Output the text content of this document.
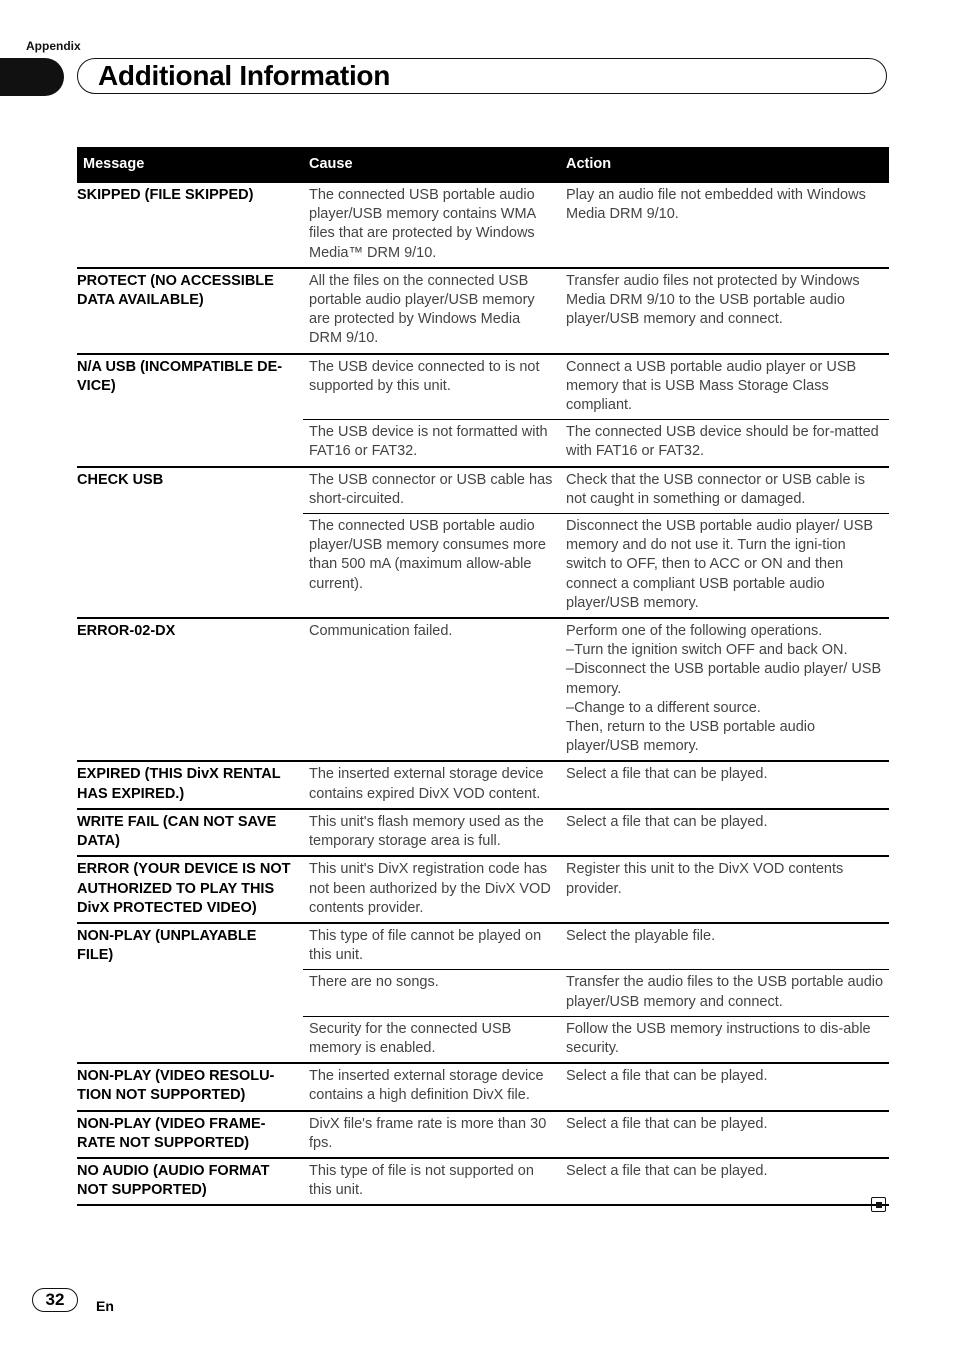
Appendix
Additional Information
Message	Cause	Action
SKIPPED (FILE SKIPPED)	The connected USB portable audio player/USB memory contains WMA files that are protected by Windows Media™ DRM 9/10.	Play an audio file not embedded with Windows Media DRM 9/10.
PROTECT (NO ACCESSIBLE DATA AVAILABLE)	All the files on the connected USB portable audio player/USB memory are protected by Windows Media DRM 9/10.	Transfer audio files not protected by Windows Media DRM 9/10 to the USB portable audio player/USB memory and connect.
N/A USB (INCOMPATIBLE DE-VICE)	The USB device connected to is not supported by this unit.	Connect a USB portable audio player or USB memory that is USB Mass Storage Class compliant.
	The USB device is not formatted with FAT16 or FAT32.	The connected USB device should be for-matted with FAT16 or FAT32.
CHECK USB	The USB connector or USB cable has short-circuited.	Check that the USB connector or USB cable is not caught in something or damaged.
	The connected USB portable audio player/USB memory consumes more than 500 mA (maximum allow-able current).	Disconnect the USB portable audio player/ USB memory and do not use it. Turn the igni-tion switch to OFF, then to ACC or ON and then connect a compliant USB portable audio player/USB memory.
ERROR-02-DX	Communication failed.	Perform one of the following operations.
–Turn the ignition switch OFF and back ON.
–Disconnect the USB portable audio player/ USB memory.
–Change to a different source.
Then, return to the USB portable audio player/USB memory.
EXPIRED (THIS DivX RENTAL HAS EXPIRED.)	The inserted external storage device contains expired DivX VOD content.	Select a file that can be played.
WRITE FAIL (CAN NOT SAVE DATA)	This unit's flash memory used as the temporary storage area is full.	Select a file that can be played.
ERROR (YOUR DEVICE IS NOT AUTHORIZED TO PLAY THIS DivX PROTECTED VIDEO)	This unit's DivX registration code has not been authorized by the DivX VOD contents provider.	Register this unit to the DivX VOD contents provider.
NON-PLAY (UNPLAYABLE FILE)	This type of file cannot be played on this unit.	Select the playable file.
	There are no songs.	Transfer the audio files to the USB portable audio player/USB memory and connect.
	Security for the connected USB memory is enabled.	Follow the USB memory instructions to dis-able security.
NON-PLAY (VIDEO RESOLU-TION NOT SUPPORTED)	The inserted external storage device contains a high definition DivX file.	Select a file that can be played.
NON-PLAY (VIDEO FRAME-RATE NOT SUPPORTED)	DivX file's frame rate is more than 30 fps.	Select a file that can be played.
NO AUDIO (AUDIO FORMAT NOT SUPPORTED)	This type of file is not supported on this unit.	Select a file that can be played.
32	En
